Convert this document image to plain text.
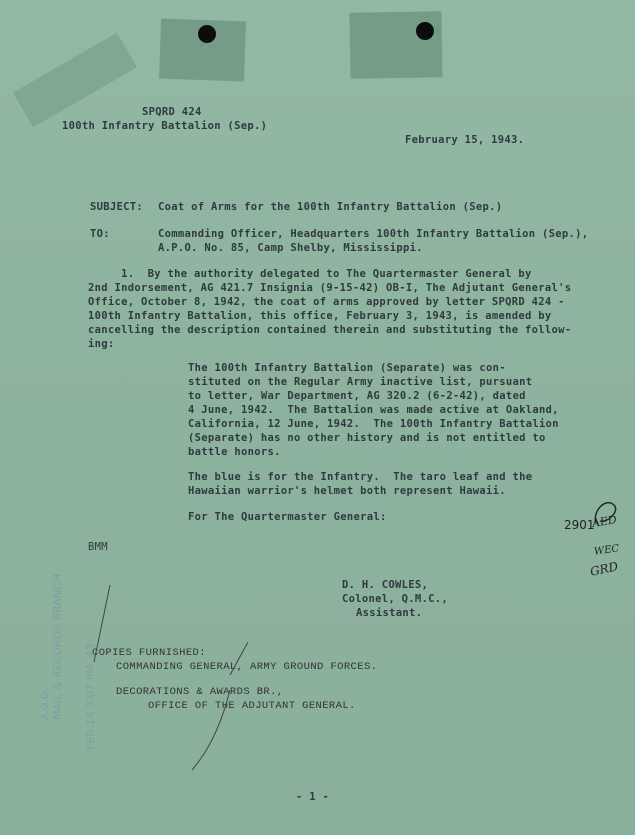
SPQRD 424
100th Infantry Battalion (Sep.)
February 15, 1943.
SUBJECT: Coat of Arms for the 100th Infantry Battalion (Sep.)
TO:	Commanding Officer, Headquarters 100th Infantry Battalion (Sep.),
A.P.O. No. 85, Camp Shelby, Mississippi.
1.  By the authority delegated to The Quartermaster General by
2nd Indorsement, AG 421.7 Insignia (9-15-42) OB-I, The Adjutant General's
Office, October 8, 1942, the coat of arms approved by letter SPQRD 424 -
100th Infantry Battalion, this office, February 3, 1943, is amended by
cancelling the description contained therein and substituting the follow-
ing:
The 100th Infantry Battalion (Separate) was con-
stituted on the Regular Army inactive list, pursuant
to letter, War Department, AG 320.2 (6-2-42), dated
4 June, 1942.  The Battalion was made active at Oakland,
California, 12 June, 1942.  The 100th Infantry Battalion
(Separate) has no other history and is not entitled to
battle honors.
The blue is for the Infantry.  The taro leaf and the
Hawaiian warrior's helmet both represent Hawaii.
For The Quartermaster General:
2901
AED
WEC
GRD
BMM
D. H. COWLES,
Colonel, Q.M.C.,
Assistant.
COPIES FURNISHED:
COMMANDING GENERAL, ARMY GROUND FORCES.
DECORATIONS & AWARDS BR.,
OFFICE OF THE ADJUTANT GENERAL.
A.G.O. MAIL & RECORDS BRANCH FEB 14 3 07 PM '43
- 1 -
